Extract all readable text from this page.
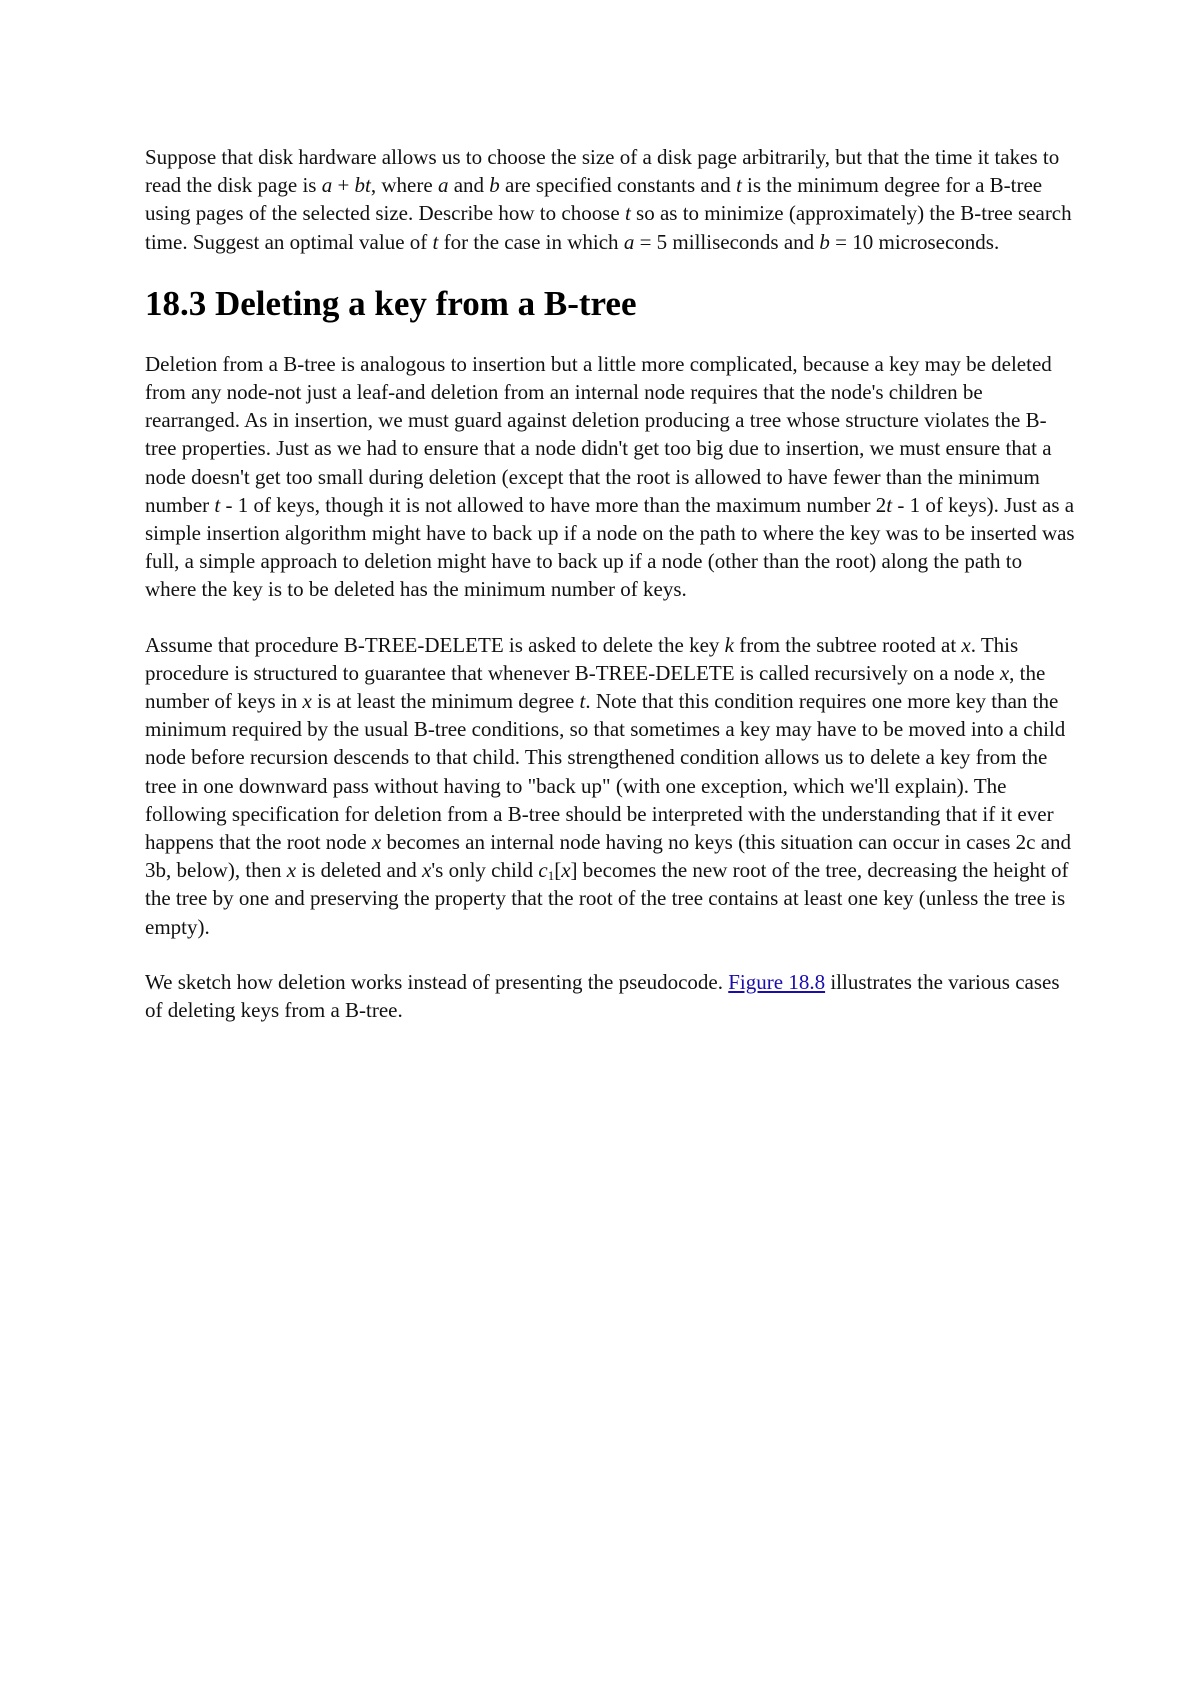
Suppose that disk hardware allows us to choose the size of a disk page arbitrarily, but that the time it takes to read the disk page is a + bt, where a and b are specified constants and t is the minimum degree for a B-tree using pages of the selected size. Describe how to choose t so as to minimize (approximately) the B-tree search time. Suggest an optimal value of t for the case in which a = 5 milliseconds and b = 10 microseconds.

18.3 Deleting a key from a B-tree

Deletion from a B-tree is analogous to insertion but a little more complicated, because a key may be deleted from any node-not just a leaf-and deletion from an internal node requires that the node's children be rearranged. As in insertion, we must guard against deletion producing a tree whose structure violates the B-tree properties. Just as we had to ensure that a node didn't get too big due to insertion, we must ensure that a node doesn't get too small during deletion (except that the root is allowed to have fewer than the minimum number t - 1 of keys, though it is not allowed to have more than the maximum number 2t - 1 of keys). Just as a simple insertion algorithm might have to back up if a node on the path to where the key was to be inserted was full, a simple approach to deletion might have to back up if a node (other than the root) along the path to where the key is to be deleted has the minimum number of keys.

Assume that procedure B-TREE-DELETE is asked to delete the key k from the subtree rooted at x. This procedure is structured to guarantee that whenever B-TREE-DELETE is called recursively on a node x, the number of keys in x is at least the minimum degree t. Note that this condition requires one more key than the minimum required by the usual B-tree conditions, so that sometimes a key may have to be moved into a child node before recursion descends to that child. This strengthened condition allows us to delete a key from the tree in one downward pass without having to "back up" (with one exception, which we'll explain). The following specification for deletion from a B-tree should be interpreted with the understanding that if it ever happens that the root node x becomes an internal node having no keys (this situation can occur in cases 2c and 3b, below), then x is deleted and x's only child $c_1[x]$ becomes the new root of the tree, decreasing the height of the tree by one and preserving the property that the root of the tree contains at least one key (unless the tree is empty).

We sketch how deletion works instead of presenting the pseudocode. Figure 18.8 illustrates the various cases of deleting keys from a B-tree.
